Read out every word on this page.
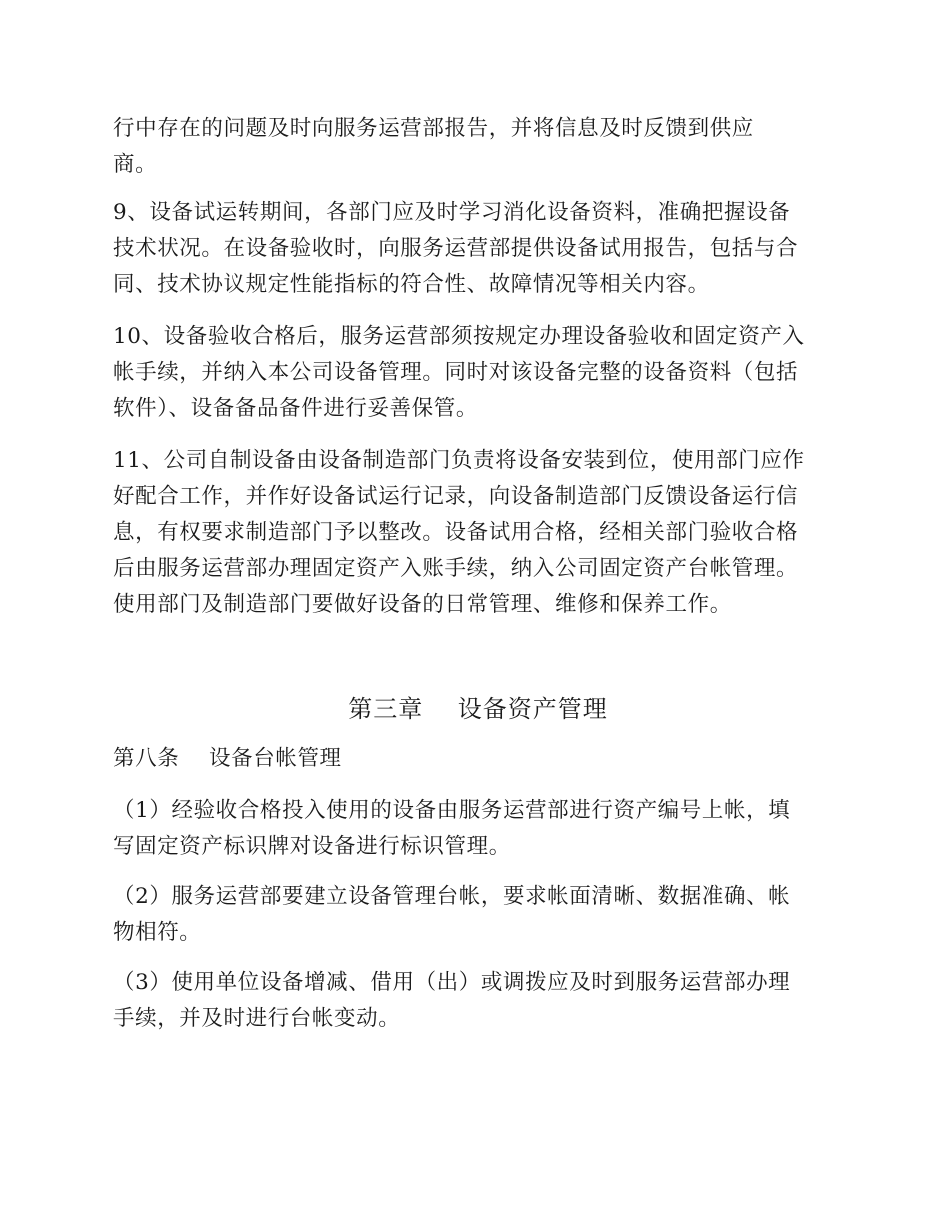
行中存在的问题及时向服务运营部报告，并将信息及时反馈到供应
商。
9、设备试运转期间，各部门应及时学习消化设备资料，准确把握设备
技术状况。在设备验收时，向服务运营部提供设备试用报告，包括与合
同、技术协议规定性能指标的符合性、故障情况等相关内容。
10、设备验收合格后，服务运营部须按规定办理设备验收和固定资产入
帐手续，并纳入本公司设备管理。同时对该设备完整的设备资料（包括
软件）、设备备品备件进行妥善保管。
11、公司自制设备由设备制造部门负责将设备安装到位，使用部门应作
好配合工作，并作好设备试运行记录，向设备制造部门反馈设备运行信
息，有权要求制造部门予以整改。设备试用合格，经相关部门验收合格
后由服务运营部办理固定资产入账手续，纳入公司固定资产台帐管理。
使用部门及制造部门要做好设备的日常管理、维修和保养工作。
第三章    设备资产管理
第八条    设备台帐管理
（1）经验收合格投入使用的设备由服务运营部进行资产编号上帐，填
写固定资产标识牌对设备进行标识管理。
（2）服务运营部要建立设备管理台帐，要求帐面清晰、数据准确、帐
物相符。
（3）使用单位设备增减、借用（出）或调拨应及时到服务运营部办理
手续，并及时进行台帐变动。
